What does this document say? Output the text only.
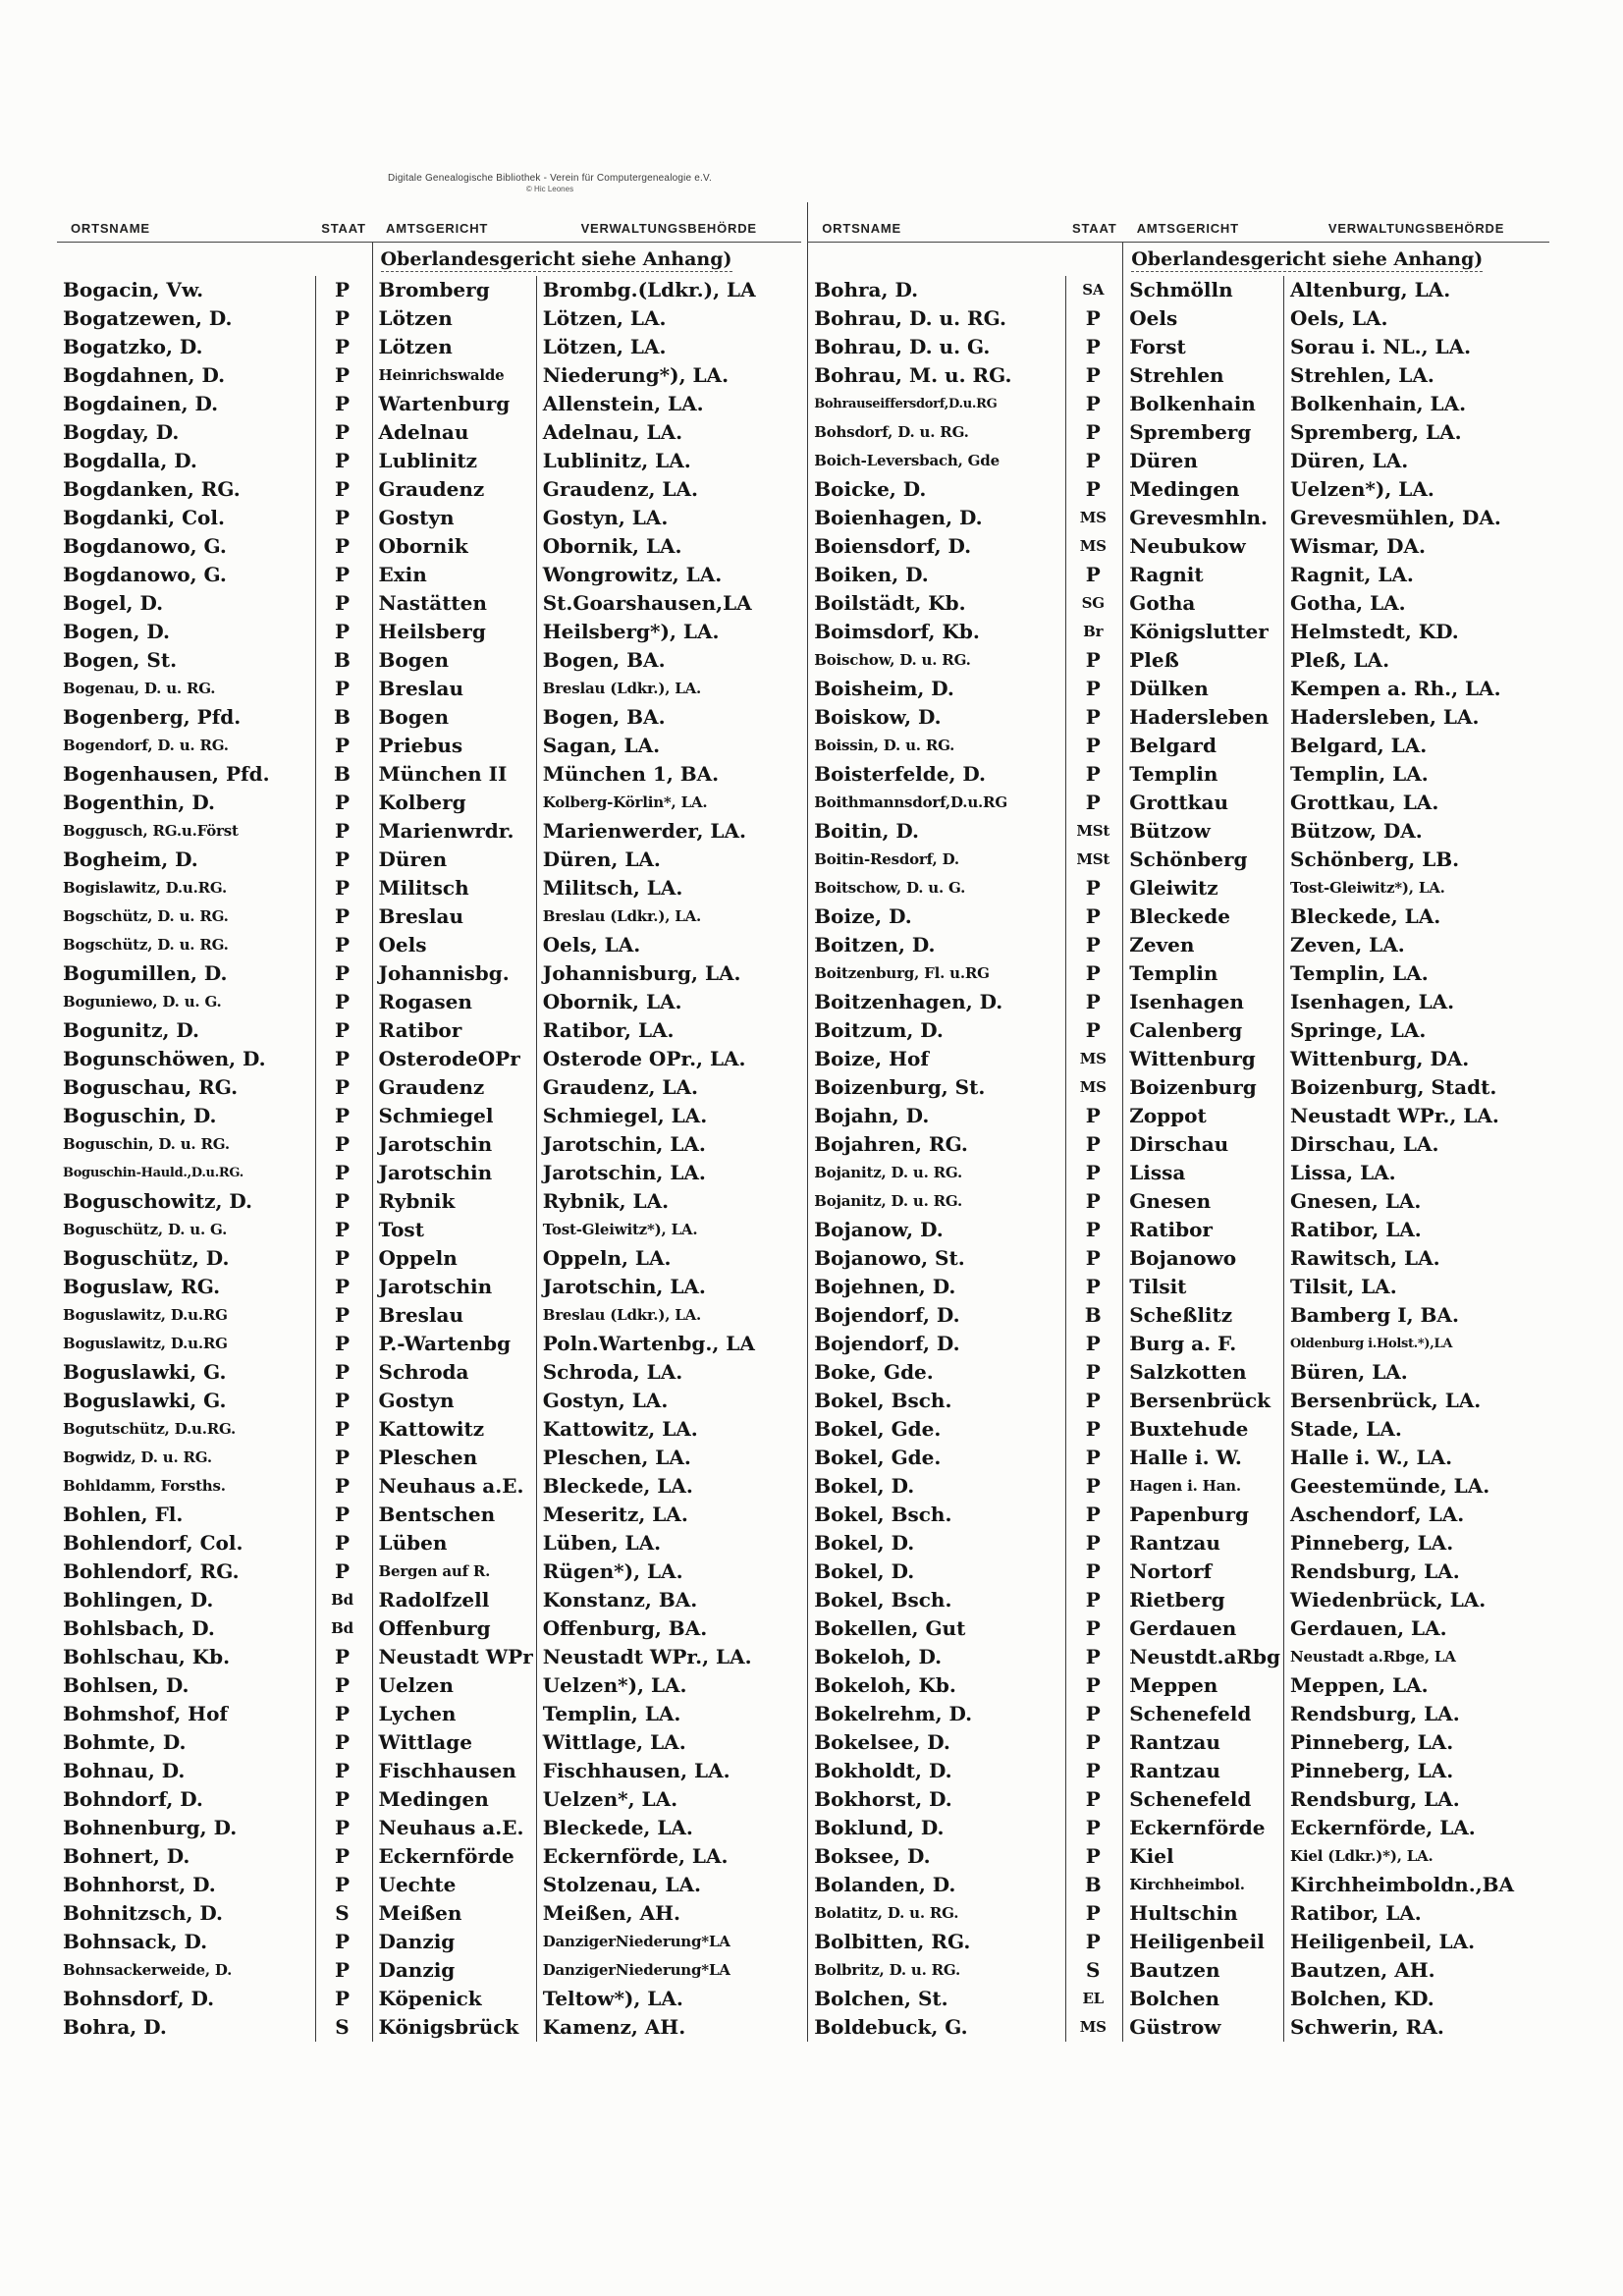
Digitale Genealogische Bibliothek - Verein für Computergenealogie e.V.
© Hic Leones
ORTSNAME	STAAT	AMTSGERICHT	VERWALTUNGSBEHÖRDE
		Oberlandesgericht siehe Anhang)	
Bogacin, Vw.	P	Bromberg	Brombg.(Ldkr.), LA
Bogatzewen, D.	P	Lötzen	Lötzen, LA.
Bogatzko, D.	P	Lötzen	Lötzen, LA.
Bogdahnen, D.	P	Heinrichswalde	Niederung*), LA.
Bogdainen, D.	P	Wartenburg	Allenstein, LA.
Bogday, D.	P	Adelnau	Adelnau, LA.
Bogdalla, D.	P	Lublinitz	Lublinitz, LA.
Bogdanken, RG.	P	Graudenz	Graudenz, LA.
Bogdanki, Col.	P	Gostyn	Gostyn, LA.
Bogdanowo, G.	P	Obornik	Obornik, LA.
Bogdanowo, G.	P	Exin	Wongrowitz, LA.
Bogel, D.	P	Nastätten	St.Goarshausen,LA
Bogen, D.	P	Heilsberg	Heilsberg*), LA.
Bogen, St.	B	Bogen	Bogen, BA.
Bogenau, D. u. RG.	P	Breslau	Breslau (Ldkr.), LA.
Bogenberg, Pfd.	B	Bogen	Bogen, BA.
Bogendorf, D. u. RG.	P	Priebus	Sagan, LA.
Bogenhausen, Pfd.	B	München II	München 1, BA.
Bogenthin, D.	P	Kolberg	Kolberg-Körlin*, LA.
Boggusch, RG.u.Först	P	Marienwrdr.	Marienwerder, LA.
Bogheim, D.	P	Düren	Düren, LA.
Bogislawitz, D.u.RG.	P	Militsch	Militsch, LA.
Bogschütz, D. u. RG.	P	Breslau	Breslau (Ldkr.), LA.
Bogschütz, D. u. RG.	P	Oels	Oels, LA.
Bogumillen, D.	P	Johannisbg.	Johannisburg, LA.
Boguniewo, D. u. G.	P	Rogasen	Obornik, LA.
Bogunitz, D.	P	Ratibor	Ratibor, LA.
Bogunschöwen, D.	P	OsterodeOPr	Osterode OPr., LA.
Boguschau, RG.	P	Graudenz	Graudenz, LA.
Boguschin, D.	P	Schmiegel	Schmiegel, LA.
Boguschin, D. u. RG.	P	Jarotschin	Jarotschin, LA.
Boguschin-Hauld.,D.u.RG.	P	Jarotschin	Jarotschin, LA.
Boguschowitz, D.	P	Rybnik	Rybnik, LA.
Boguschütz, D. u. G.	P	Tost	Tost-Gleiwitz*), LA.
Boguschütz, D.	P	Oppeln	Oppeln, LA.
Boguslaw, RG.	P	Jarotschin	Jarotschin, LA.
Boguslawitz, D.u.RG	P	Breslau	Breslau (Ldkr.), LA.
Boguslawitz, D.u.RG	P	P.-Wartenbg	Poln.Wartenbg., LA
Boguslawki, G.	P	Schroda	Schroda, LA.
Boguslawki, G.	P	Gostyn	Gostyn, LA.
Bogutschütz, D.u.RG.	P	Kattowitz	Kattowitz, LA.
Bogwidz, D. u. RG.	P	Pleschen	Pleschen, LA.
Bohldamm, Forsths.	P	Neuhaus a.E.	Bleckede, LA.
Bohlen, Fl.	P	Bentschen	Meseritz, LA.
Bohlendorf, Col.	P	Lüben	Lüben, LA.
Bohlendorf, RG.	P	Bergen auf R.	Rügen*), LA.
Bohlingen, D.	Bd	Radolfzell	Konstanz, BA.
Bohlsbach, D.	Bd	Offenburg	Offenburg, BA.
Bohlschau, Kb.	P	Neustadt WPr	Neustadt WPr., LA.
Bohlsen, D.	P	Uelzen	Uelzen*), LA.
Bohmshof, Hof	P	Lychen	Templin, LA.
Bohmte, D.	P	Wittlage	Wittlage, LA.
Bohnau, D.	P	Fischhausen	Fischhausen, LA.
Bohndorf, D.	P	Medingen	Uelzen*, LA.
Bohnenburg, D.	P	Neuhaus a.E.	Bleckede, LA.
Bohnert, D.	P	Eckernförde	Eckernförde, LA.
Bohnhorst, D.	P	Uechte	Stolzenau, LA.
Bohnitzsch, D.	S	Meißen	Meißen, AH.
Bohnsack, D.	P	Danzig	DanzigerNiederung*LA
Bohnsackerweide, D.	P	Danzig	DanzigerNiederung*LA
Bohnsdorf, D.	P	Köpenick	Teltow*), LA.
Bohra, D.	S	Königsbrück	Kamenz, AH.
ORTSNAME	STAAT	AMTSGERICHT	VERWALTUNGSBEHÖRDE
		Oberlandesgericht siehe Anhang)	
Bohra, D.	SA	Schmölln	Altenburg, LA.
Bohrau, D. u. RG.	P	Oels	Oels, LA.
Bohrau, D. u. G.	P	Forst	Sorau i. NL., LA.
Bohrau, M. u. RG.	P	Strehlen	Strehlen, LA.
Bohrauseiffersdorf,D.u.RG	P	Bolkenhain	Bolkenhain, LA.
Bohsdorf, D. u. RG.	P	Spremberg	Spremberg, LA.
Boich-Leversbach, Gde	P	Düren	Düren, LA.
Boicke, D.	P	Medingen	Uelzen*), LA.
Boienhagen, D.	MS	Grevesmhln.	Grevesmühlen, DA.
Boiensdorf, D.	MS	Neubukow	Wismar, DA.
Boiken, D.	P	Ragnit	Ragnit, LA.
Boilstädt, Kb.	SG	Gotha	Gotha, LA.
Boimsdorf, Kb.	Br	Königslutter	Helmstedt, KD.
Boischow, D. u. RG.	P	Pleß	Pleß, LA.
Boisheim, D.	P	Dülken	Kempen a. Rh., LA.
Boiskow, D.	P	Hadersleben	Hadersleben, LA.
Boissin, D. u. RG.	P	Belgard	Belgard, LA.
Boisterfelde, D.	P	Templin	Templin, LA.
Boithmannsdorf,D.u.RG	P	Grottkau	Grottkau, LA.
Boitin, D.	MSt	Bützow	Bützow, DA.
Boitin-Resdorf, D.	MSt	Schönberg	Schönberg, LB.
Boitschow, D. u. G.	P	Gleiwitz	Tost-Gleiwitz*), LA.
Boize, D.	P	Bleckede	Bleckede, LA.
Boitzen, D.	P	Zeven	Zeven, LA.
Boitzenburg, Fl. u.RG	P	Templin	Templin, LA.
Boitzenhagen, D.	P	Isenhagen	Isenhagen, LA.
Boitzum, D.	P	Calenberg	Springe, LA.
Boize, Hof	MS	Wittenburg	Wittenburg, DA.
Boizenburg, St.	MS	Boizenburg	Boizenburg, Stadt.
Bojahn, D.	P	Zoppot	Neustadt WPr., LA.
Bojahren, RG.	P	Dirschau	Dirschau, LA.
Bojanitz, D. u. RG.	P	Lissa	Lissa, LA.
Bojanitz, D. u. RG.	P	Gnesen	Gnesen, LA.
Bojanow, D.	P	Ratibor	Ratibor, LA.
Bojanowo, St.	P	Bojanowo	Rawitsch, LA.
Bojehnen, D.	P	Tilsit	Tilsit, LA.
Bojendorf, D.	B	Scheßlitz	Bamberg I, BA.
Bojendorf, D.	P	Burg a. F.	Oldenburg i.Holst.*),LA
Boke, Gde.	P	Salzkotten	Büren, LA.
Bokel, Bsch.	P	Bersenbrück	Bersenbrück, LA.
Bokel, Gde.	P	Buxtehude	Stade, LA.
Bokel, Gde.	P	Halle i. W.	Halle i. W., LA.
Bokel, D.	P	Hagen i. Han.	Geestemünde, LA.
Bokel, Bsch.	P	Papenburg	Aschendorf, LA.
Bokel, D.	P	Rantzau	Pinneberg, LA.
Bokel, D.	P	Nortorf	Rendsburg, LA.
Bokel, Bsch.	P	Rietberg	Wiedenbrück, LA.
Bokellen, Gut	P	Gerdauen	Gerdauen, LA.
Bokeloh, D.	P	Neustdt.aRbg	Neustadt a.Rbge, LA
Bokeloh, Kb.	P	Meppen	Meppen, LA.
Bokelrehm, D.	P	Schenefeld	Rendsburg, LA.
Bokelsee, D.	P	Rantzau	Pinneberg, LA.
Bokholdt, D.	P	Rantzau	Pinneberg, LA.
Bokhorst, D.	P	Schenefeld	Rendsburg, LA.
Boklund, D.	P	Eckernförde	Eckernförde, LA.
Boksee, D.	P	Kiel	Kiel (Ldkr.)*), LA.
Bolanden, D.	B	Kirchheimbol.	Kirchheimboldn.,BA
Bolatitz, D. u. RG.	P	Hultschin	Ratibor, LA.
Bolbitten, RG.	P	Heiligenbeil	Heiligenbeil, LA.
Bolbritz, D. u. RG.	S	Bautzen	Bautzen, AH.
Bolchen, St.	EL	Bolchen	Bolchen, KD.
Boldebuck, G.	MS	Güstrow	Schwerin, RA.
